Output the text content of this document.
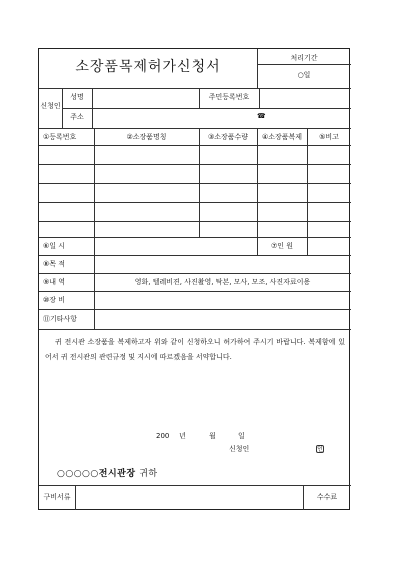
소장품목제허가신청서
처리기간
○일
신청인
성명	주민등록번호
주소	☎
①등록번호	②소장품명칭	③소장품수량	④소장품복제	⑤비고
⑥일 시	⑦인 원
⑧목 적
⑨내 역	영화, 텔레비젼, 사진촬영, 탁본, 모사, 모조, 사진자료이용
⑩장 비
⑪기타사항
귀 전시관 소장품을 복제하고자 위와 같이 신청하오니 허가하여 주시기 바랍니다. 복제함에 있어서 귀 전시관의 관련규정 및 지시에 따르겠음을 서약합니다.
200 년	월	일
신청인	인
○○○○○전시관장 귀하
구비서류	수수료
